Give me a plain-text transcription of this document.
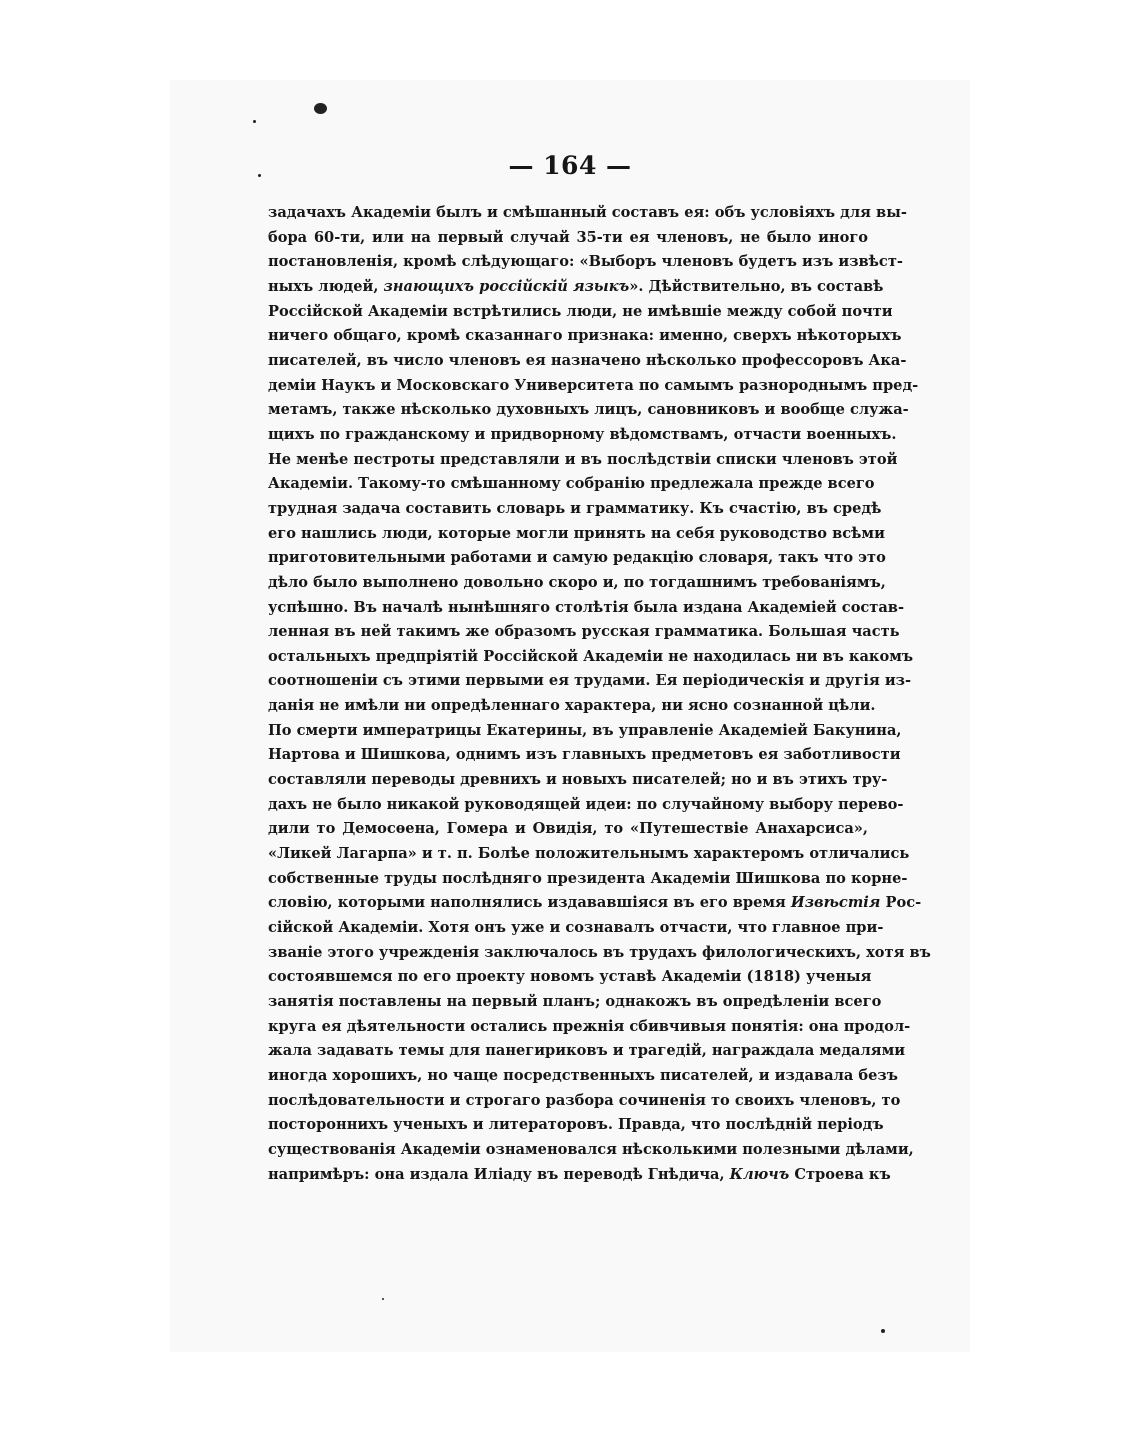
— 164 —
задачахъ Академіи былъ и смѣшанный составъ ея: объ условіяхъ для вы-
бора 60-ти, или на первый случай 35-ти ея членовъ, не было иного
постановленія, кромѣ слѣдующаго: «Выборъ членовъ будетъ изъ извѣст-
ныхъ людей, знающихъ россійскій языкъ». Дѣйствительно, въ составѣ
Россійской Академіи встрѣтились люди, не имѣвшіе между собой почти
ничего общаго, кромѣ сказаннаго признака: именно, сверхъ нѣкоторыхъ
писателей, въ число членовъ ея назначено нѣсколько профессоровъ Ака-
деміи Наукъ и Московскаго Университета по самымъ разнороднымъ пред-
метамъ, также нѣсколько духовныхъ лицъ, сановниковъ и вообще служа-
щихъ по гражданскому и придворному вѣдомствамъ, отчасти военныхъ.
Не менѣе пестроты представляли и въ послѣдствіи списки членовъ этой
Академіи. Такому-то смѣшанному собранію предлежала прежде всего
трудная задача составить словарь и грамматику. Къ счастію, въ средѣ
его нашлись люди, которые могли принять на себя руководство всѣми
приготовительными работами и самую редакцію словаря, такъ что это
дѣло было выполнено довольно скоро и, по тогдашнимъ требованіямъ,
успѣшно. Въ началѣ нынѣшняго столѣтія была издана Академіей состав-
ленная въ ней такимъ же образомъ русская грамматика. Большая часть
остальныхъ предпріятій Россійской Академіи не находилась ни въ какомъ
соотношеніи съ этими первыми ея трудами. Ея періодическія и другія из-
данія не имѣли ни опредѣленнаго характера, ни ясно сознанной цѣли.
По смерти императрицы Екатерины, въ управленіе Академіей Бакунина,
Нартова и Шишкова, однимъ изъ главныхъ предметовъ ея заботливости
составляли переводы древнихъ и новыхъ писателей; но и въ этихъ тру-
дахъ не было никакой руководящей идеи: по случайному выбору перево-
дили то Демосѳена, Гомера и Овидія, то «Путешествіе Анахарсиса»,
«Ликей Лагарпа» и т. п. Болѣе положительнымъ характеромъ отличались
собственные труды послѣдняго президента Академіи Шишкова по корне-
словію, которыми наполнялись издававшіяся въ его время Извѣстія Рос-
сійской Академіи. Хотя онъ уже и сознавалъ отчасти, что главное при-
званіе этого учрежденія заключалось въ трудахъ филологическихъ, хотя въ
состоявшемся по его проекту новомъ уставѣ Академіи (1818) ученыя
занятія поставлены на первый планъ; однакожъ въ опредѣленіи всего
круга ея дѣятельности остались прежнія сбивчивыя понятія: она продол-
жала задавать темы для панегириковъ и трагедій, награждала медалями
иногда хорошихъ, но чаще посредственныхъ писателей, и издавала безъ
послѣдовательности и строгаго разбора сочиненія то своихъ членовъ, то
постороннихъ ученыхъ и литераторовъ. Правда, что послѣдній періодъ
существованія Академіи ознаменовался нѣсколькими полезными дѣлами,
напримѣръ: она издала Иліаду въ переводѣ Гнѣдича, Ключъ Строева къ
